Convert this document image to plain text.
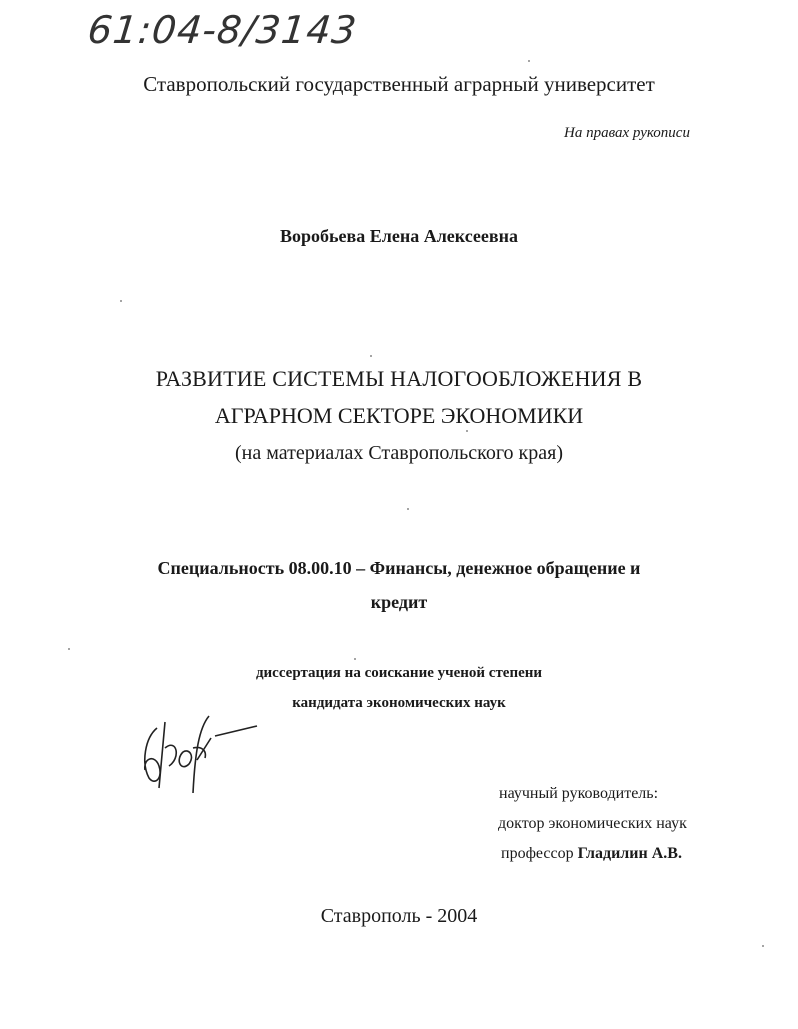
61:04-8/3143
Ставропольский государственный аграрный университет
На правах рукописи
Воробьева Елена Алексеевна
РАЗВИТИЕ СИСТЕМЫ НАЛОГООБЛОЖЕНИЯ В
АГРАРНОМ СЕКТОРЕ ЭКОНОМИКИ
(на материалах Ставропольского края)
Специальность 08.00.10 – Финансы, денежное обращение и
кредит
диссертация на соискание ученой степени
кандидата экономических наук
научный руководитель:
доктор экономических наук
профессор Гладилин А.В.
Ставрополь - 2004
